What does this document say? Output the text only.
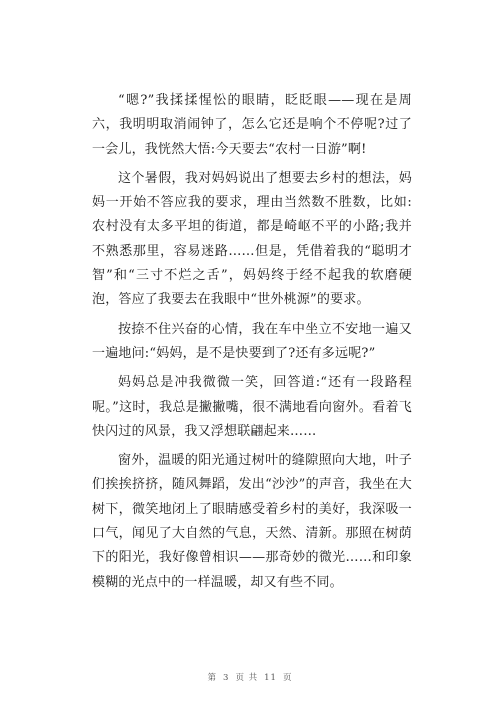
“嗯?”我揉揉惺忪的眼睛，眨眨眼——现在是周六，我明明取消闹钟了，怎么它还是响个不停呢?过了一会儿，我恍然大悟:今天要去“农村一日游”啊!

这个暑假，我对妈妈说出了想要去乡村的想法，妈妈一开始不答应我的要求，理由当然数不胜数，比如:农村没有太多平坦的街道，都是崎岖不平的小路;我并不熟悉那里，容易迷路……但是，凭借着我的“聪明才智”和“三寸不烂之舌”，妈妈终于经不起我的软磨硬泡，答应了我要去在我眼中“世外桃源”的要求。

按捺不住兴奋的心情，我在车中坐立不安地一遍又一遍地问:“妈妈，是不是快要到了?还有多远呢?”

妈妈总是冲我微微一笑，回答道:“还有一段路程呢。”这时，我总是撇撇嘴，很不满地看向窗外。看着飞快闪过的风景，我又浮想联翩起来……

窗外，温暖的阳光通过树叶的缝隙照向大地，叶子们挨挨挤挤，随风舞蹈，发出“沙沙”的声音，我坐在大树下，微笑地闭上了眼睛感受着乡村的美好，我深吸一口气，闻见了大自然的气息，天然、清新。那照在树荫下的阳光，我好像曾相识——那奇妙的微光……和印象模糊的光点中的一样温暖，却又有些不同。

第 3 页 共 11 页
